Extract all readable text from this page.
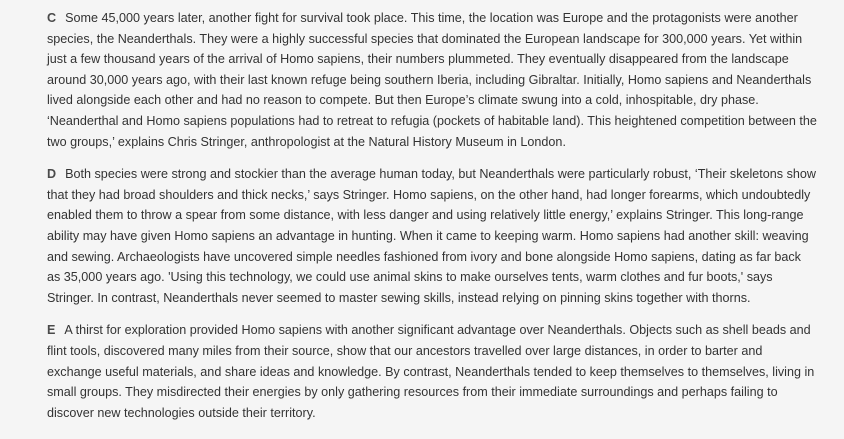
C Some 45,000 years later, another fight for survival took place. This time, the location was Europe and the protagonists were another species, the Neanderthals. They were a highly successful species that dominated the European landscape for 300,000 years. Yet within just a few thousand years of the arrival of Homo sapiens, their numbers plummeted. They eventually disappeared from the landscape around 30,000 years ago, with their last known refuge being southern Iberia, including Gibraltar. Initially, Homo sapiens and Neanderthals lived alongside each other and had no reason to compete. But then Europe’s climate swung into a cold, inhospitable, dry phase. ‘Neanderthal and Homo sapiens populations had to retreat to refugia (pockets of habitable land). This heightened competition between the two groups,’ explains Chris Stringer, anthropologist at the Natural History Museum in London.

D Both species were strong and stockier than the average human today, but Neanderthals were particularly robust, ‘Their skeletons show that they had broad shoulders and thick necks,’ says Stringer. Homo sapiens, on the other hand, had longer forearms, which undoubtedly enabled them to throw a spear from some distance, with less danger and using relatively little energy,’ explains Stringer. This long-range ability may have given Homo sapiens an advantage in hunting. When it came to keeping warm. Homo sapiens had another skill: weaving and sewing. Archaeologists have uncovered simple needles fashioned from ivory and bone alongside Homo sapiens, dating as far back as 35,000 years ago. 'Using this technology, we could use animal skins to make ourselves tents, warm clothes and fur boots,' says Stringer. In contrast, Neanderthals never seemed to master sewing skills, instead relying on pinning skins together with thorns.

E A thirst for exploration provided Homo sapiens with another significant advantage over Neanderthals. Objects such as shell beads and flint tools, discovered many miles from their source, show that our ancestors travelled over large distances, in order to barter and exchange useful materials, and share ideas and knowledge. By contrast, Neanderthals tended to keep themselves to themselves, living in small groups. They misdirected their energies by only gathering resources from their immediate surroundings and perhaps failing to discover new technologies outside their territory.
